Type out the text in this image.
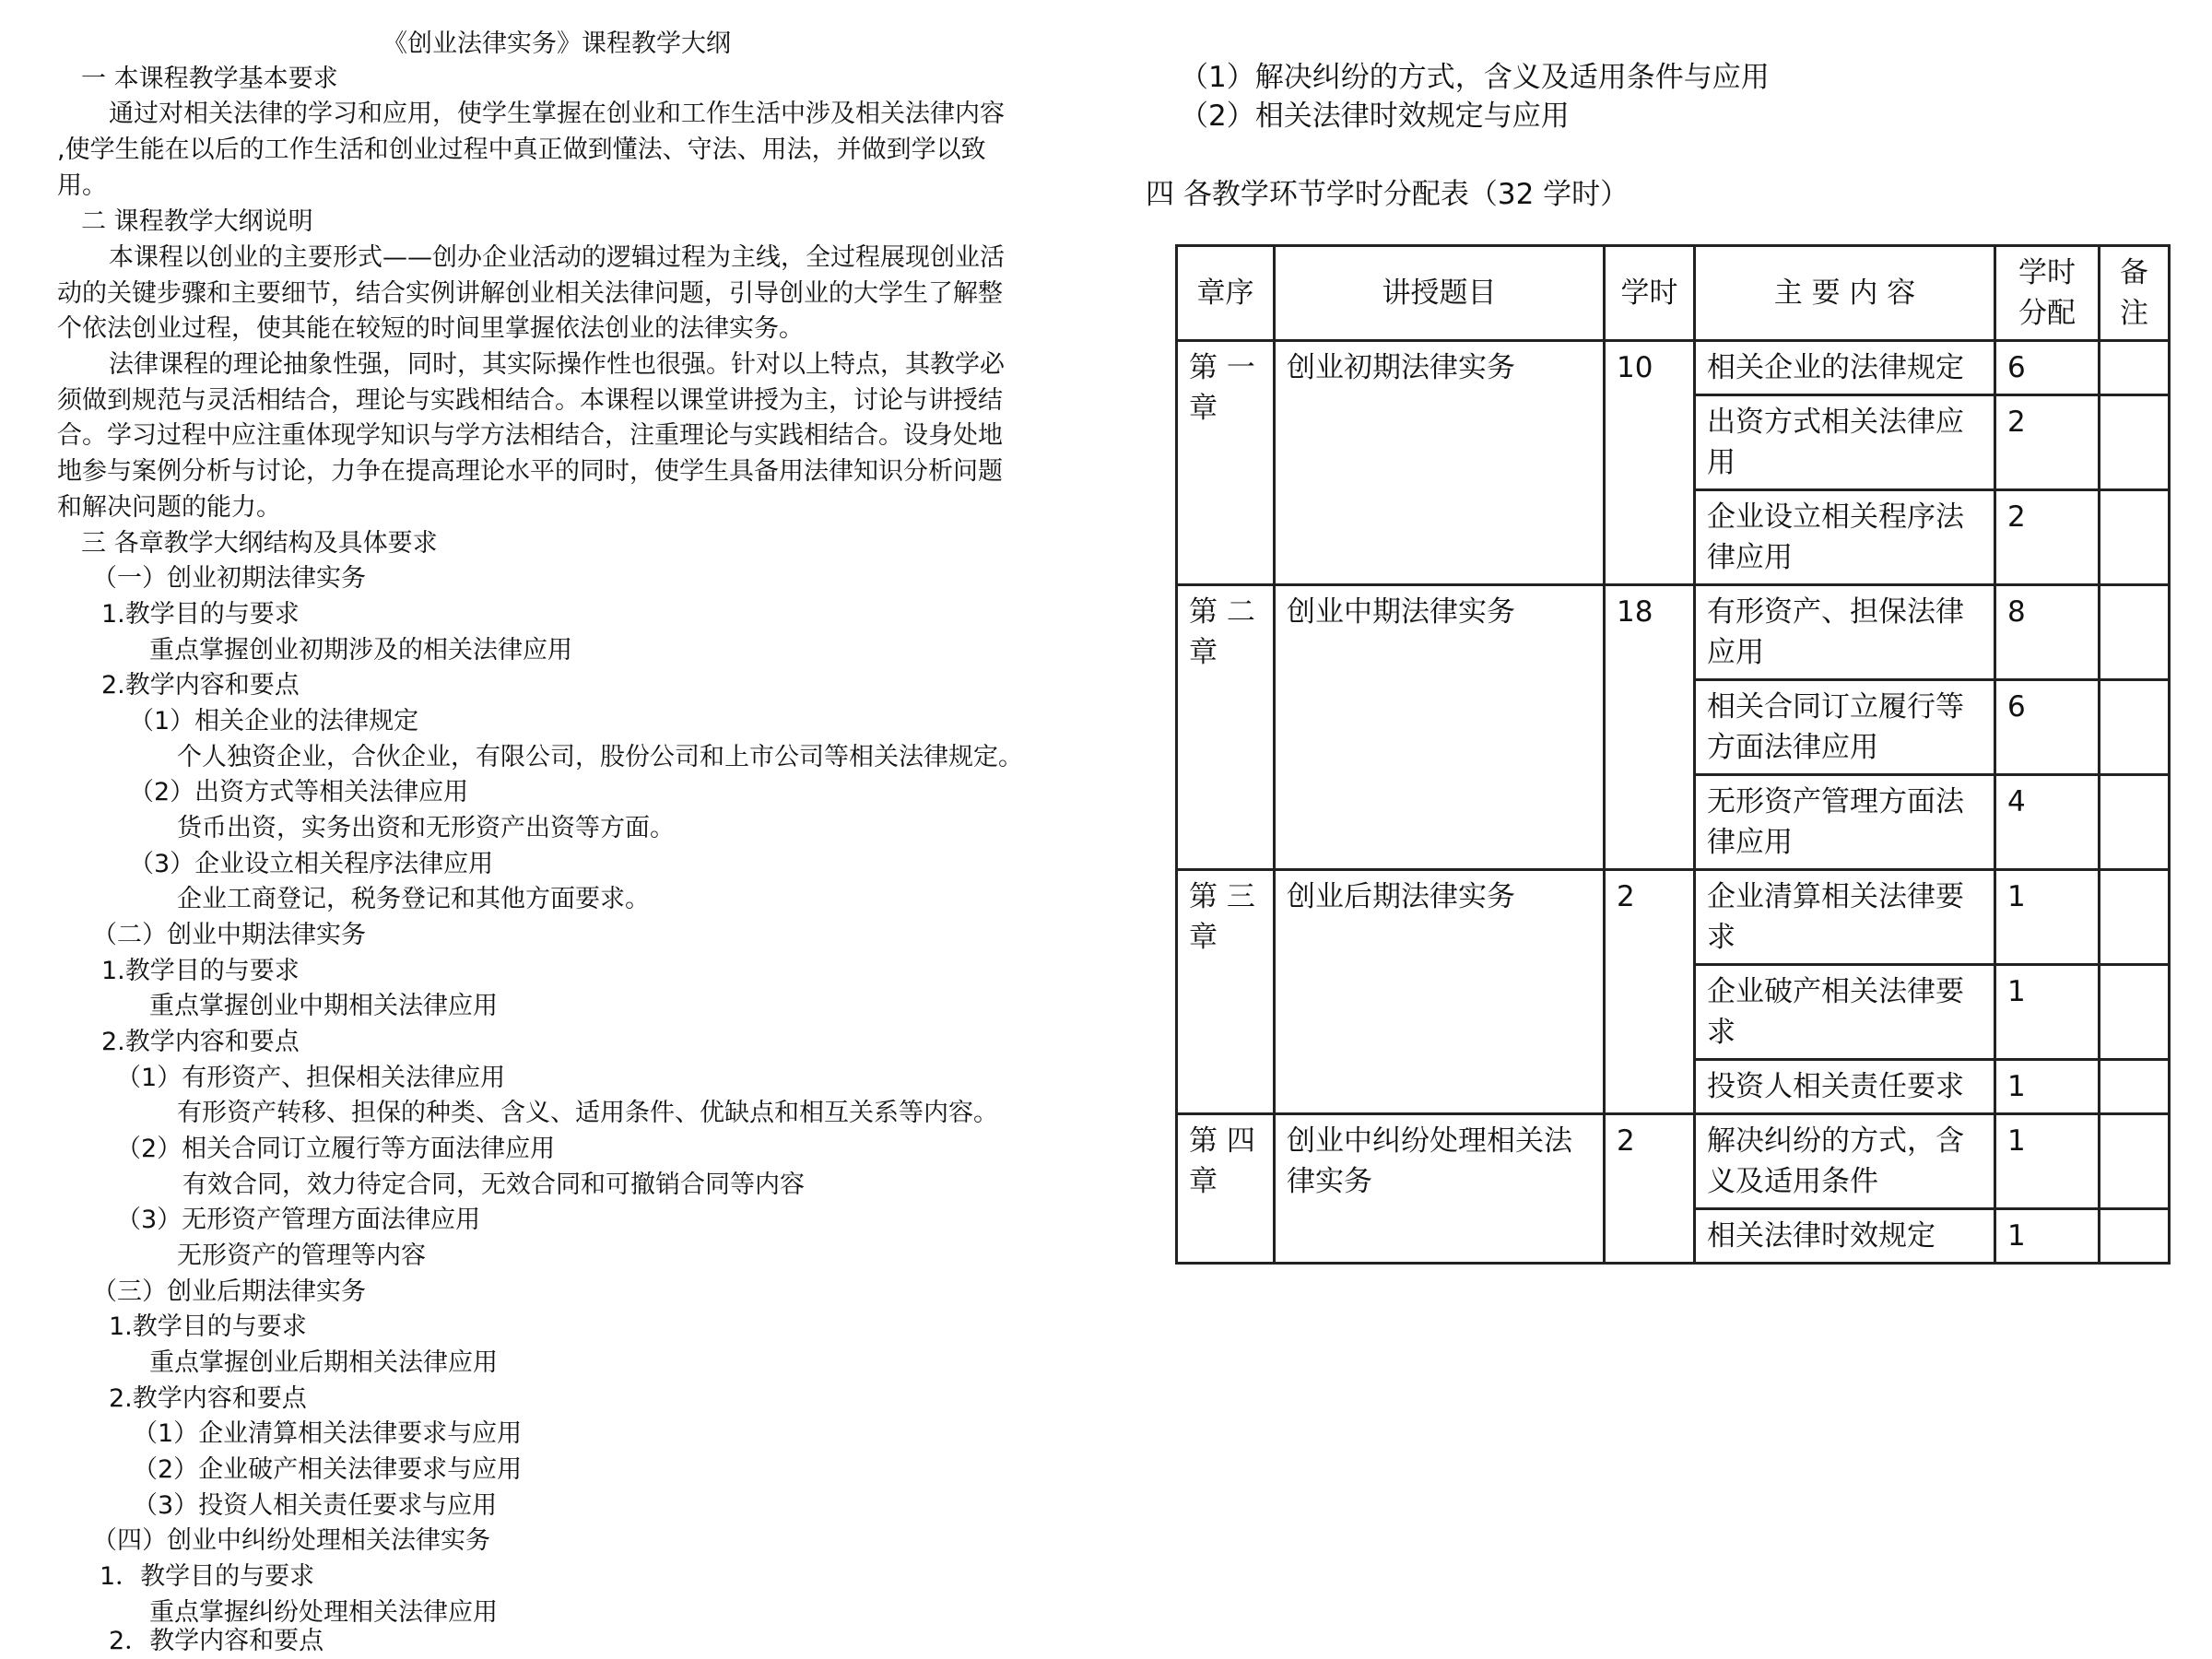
《创业法律实务》课程教学大纲
一 本课程教学基本要求
通过对相关法律的学习和应用，使学生掌握在创业和工作生活中涉及相关法律内容
,使学生能在以后的工作生活和创业过程中真正做到懂法、守法、用法，并做到学以致
用。
二 课程教学大纲说明
本课程以创业的主要形式——创办企业活动的逻辑过程为主线，全过程展现创业活
动的关键步骤和主要细节，结合实例讲解创业相关法律问题，引导创业的大学生了解整
个依法创业过程，使其能在较短的时间里掌握依法创业的法律实务。
法律课程的理论抽象性强，同时，其实际操作性也很强。针对以上特点，其教学必
须做到规范与灵活相结合，理论与实践相结合。本课程以课堂讲授为主，讨论与讲授结
合。学习过程中应注重体现学知识与学方法相结合，注重理论与实践相结合。设身处地
地参与案例分析与讨论，力争在提高理论水平的同时，使学生具备用法律知识分析问题
和解决问题的能力。
三 各章教学大纲结构及具体要求
（一）创业初期法律实务
1.教学目的与要求
重点掌握创业初期涉及的相关法律应用
2.教学内容和要点
（1）相关企业的法律规定
个人独资企业，合伙企业，有限公司，股份公司和上市公司等相关法律规定。
（2）出资方式等相关法律应用
货币出资，实务出资和无形资产出资等方面。
（3）企业设立相关程序法律应用
企业工商登记，税务登记和其他方面要求。
（二）创业中期法律实务
1.教学目的与要求
重点掌握创业中期相关法律应用
2.教学内容和要点
（1）有形资产、担保相关法律应用
有形资产转移、担保的种类、含义、适用条件、优缺点和相互关系等内容。
（2）相关合同订立履行等方面法律应用
有效合同，效力待定合同，无效合同和可撤销合同等内容
（3）无形资产管理方面法律应用
无形资产的管理等内容
（三）创业后期法律实务
1.教学目的与要求
重点掌握创业后期相关法律应用
2.教学内容和要点
（1）企业清算相关法律要求与应用
（2）企业破产相关法律要求与应用
（3）投资人相关责任要求与应用
（四）创业中纠纷处理相关法律实务
1．教学目的与要求
重点掌握纠纷处理相关法律应用
2．教学内容和要点
（1）解决纠纷的方式，含义及适用条件与应用
（2）相关法律时效规定与应用
四 各教学环节学时分配表（32 学时）
章序	讲授题目	学时	主 要 内 容	学时分配	备注
第 一 章	创业初期法律实务	10	相关企业的法律规定	6	
			出资方式相关法律应用	2	
			企业设立相关程序法律应用	2	
第 二 章	创业中期法律实务	18	有形资产、担保法律应用	8	
			相关合同订立履行等方面法律应用	6	
			无形资产管理方面法律应用	4	
第 三 章	创业后期法律实务	2	企业清算相关法律要求	1	
			企业破产相关法律要求	1	
			投资人相关责任要求	1	
第 四 章	创业中纠纷处理相关法律实务	2	解决纠纷的方式，含义及适用条件	1	
			相关法律时效规定	1	
